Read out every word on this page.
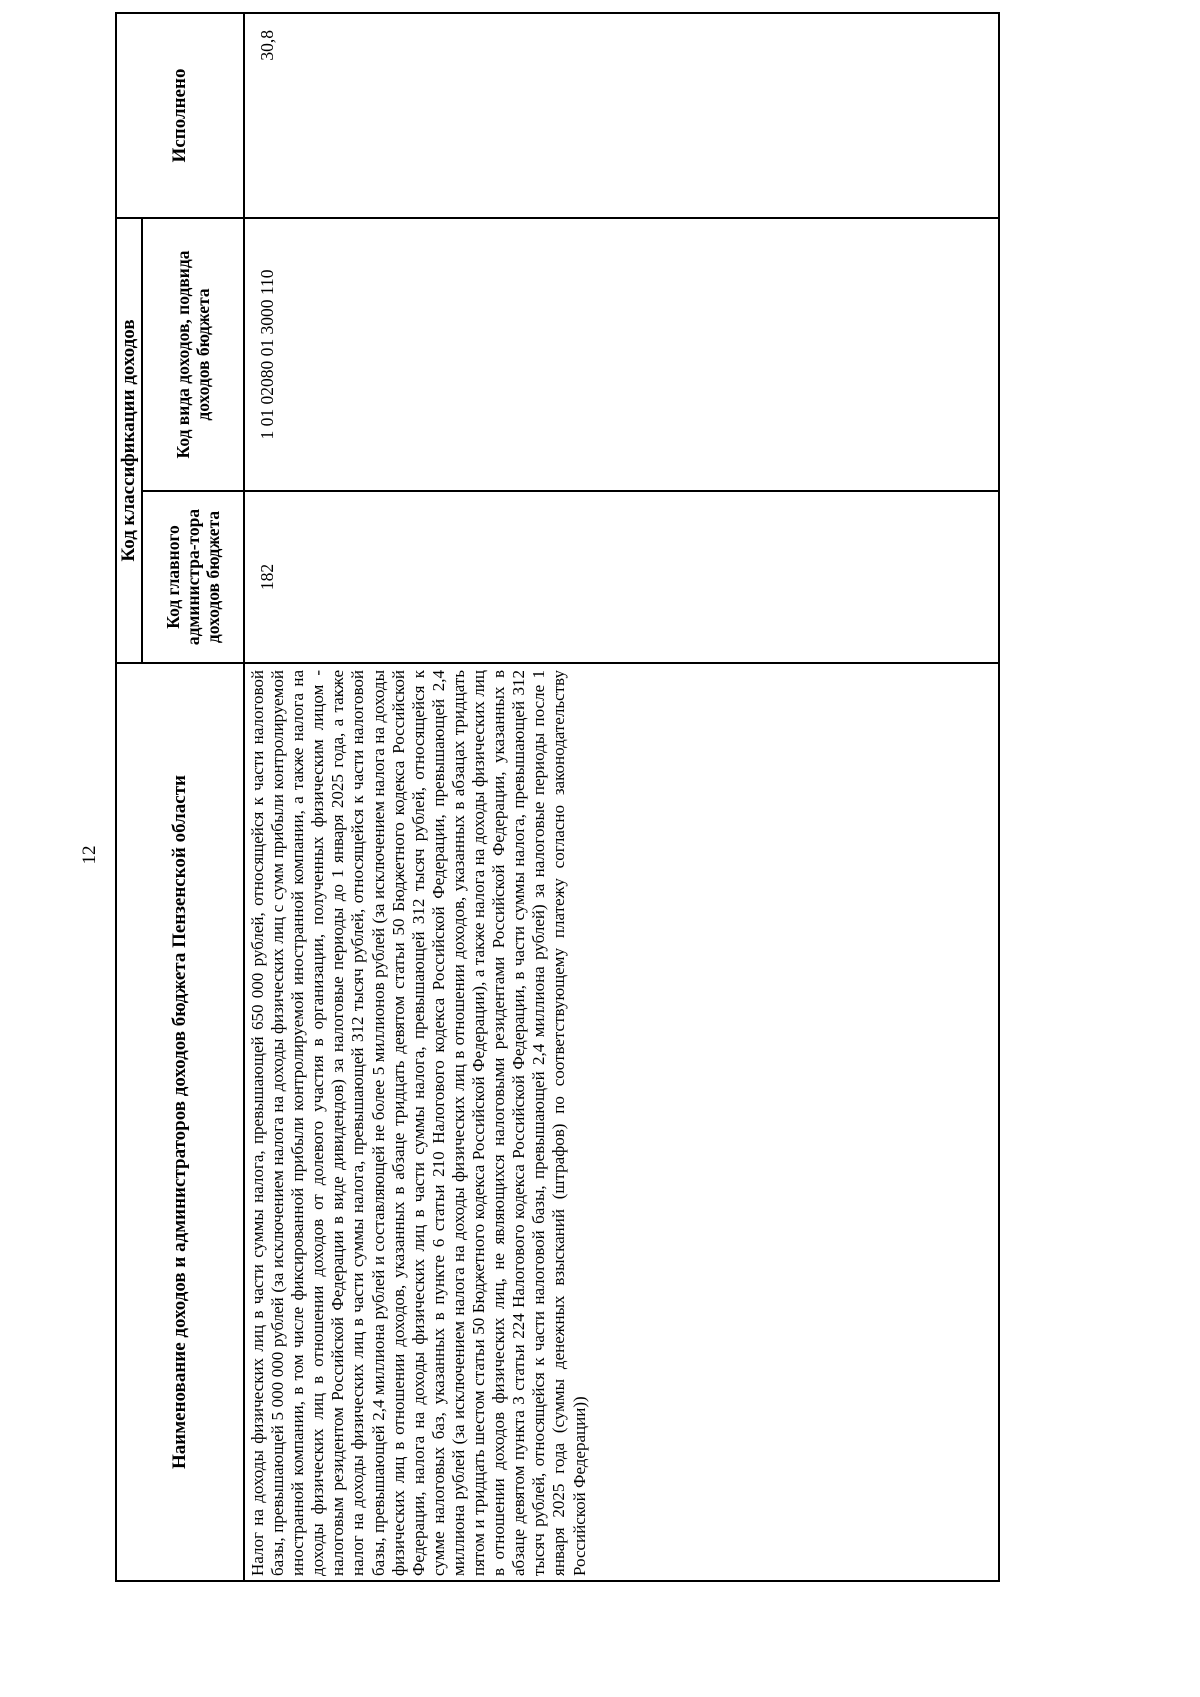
12	Наименование доходов и администраторов доходов бюджета Пензенской области	Код классификации доходов		Исполнено
	Код главного администра-тора доходов бюджета	Код вида доходов, подвида доходов бюджета	
Налог на доходы физических лиц в части суммы налога, превышающей 650 000 рублей, относящейся к части налоговой базы, превышающей 5 000 000 рублей (за исключением налога на доходы физических лиц с сумм прибыли контролируемой иностранной компании, в том числе фиксированной прибыли контролируемой иностранной компании, а также налога на доходы физических лиц в отношении доходов от долевого участия в организации, полученных физическим лицом - налоговым резидентом Российской Федерации в виде дивидендов) за налоговые периоды до 1 января 2025 года, а также налог на доходы физических лиц в части суммы налога, превышающей 312 тысяч рублей, относящейся к части налоговой базы, превышающей 2,4 миллиона рублей и составляющей не более 5 миллионов рублей (за исключением налога на доходы физических лиц в отношении доходов, указанных в абзаце тридцать девятом статьи 50 Бюджетного кодекса Российской Федерации, налога на доходы физических лиц в части суммы налога, превышающей 312 тысяч рублей, относящейся к сумме налоговых баз, указанных в пункте 6 статьи 210 Налогового кодекса Российской Федерации, превышающей 2,4 миллиона рублей (за исключением налога на доходы физических лиц в отношении доходов, указанных в абзацах тридцать пятом и тридцать шестом статьи 50 Бюджетного кодекса Российской Федерации), а также налога на доходы физических лиц в отношении доходов физических лиц, не являющихся налоговыми резидентами Российской Федерации, указанных в абзаце девятом пункта 3 статьи 224 Налогового кодекса Российской Федерации, в части суммы налога, превышающей 312 тысяч рублей, относящейся к части налоговой базы, превышающей 2,4 миллиона рублей) за налоговые периоды после 1 января 2025 года (суммы денежных взысканий (штрафов) по соответствующему платежу согласно законодательству Российской Федерации))	182	1 01 02080 01 3000 110	30,8
